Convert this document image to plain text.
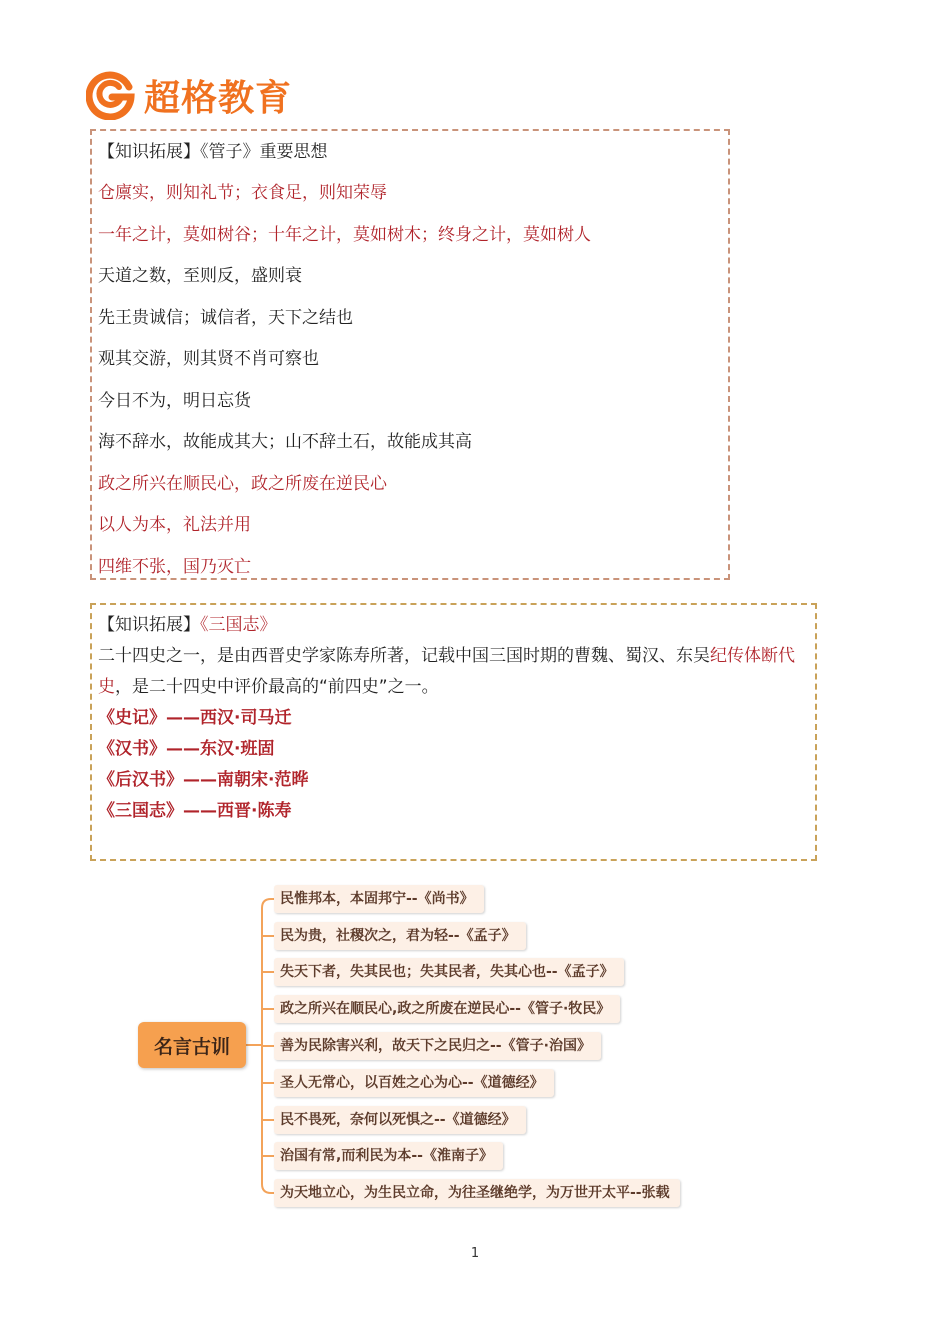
超格教育
【知识拓展】《管子》重要思想
仓廪实，则知礼节；衣食足，则知荣辱
一年之计，莫如树谷；十年之计，莫如树木；终身之计，莫如树人
天道之数，至则反，盛则衰
先王贵诚信；诚信者，天下之结也
观其交游，则其贤不肖可察也
今日不为，明日忘货
海不辞水，故能成其大；山不辞土石，故能成其高
政之所兴在顺民心，政之所废在逆民心
以人为本，礼法并用
四维不张，国乃灭亡
【知识拓展】《三国志》
二十四史之一，是由西晋史学家陈寿所著，记载中国三国时期的曹魏、蜀汉、东吴纪传体断代
史，是二十四史中评价最高的“前四史”之一。
《史记》——西汉·司马迁
《汉书》——东汉·班固
《后汉书》——南朝宋·范晔
《三国志》——西晋·陈寿
名言古训
民惟邦本，本固邦宁--《尚书》
民为贵，社稷次之，君为轻--《孟子》
失天下者，失其民也；失其民者，失其心也--《孟子》
政之所兴在顺民心,政之所废在逆民心--《管子·牧民》
善为民除害兴利，故天下之民归之--《管子·治国》
圣人无常心，以百姓之心为心--《道德经》
民不畏死，奈何以死惧之--《道德经》
治国有常,而利民为本--《淮南子》
为天地立心，为生民立命，为往圣继绝学，为万世开太平--张载
1
